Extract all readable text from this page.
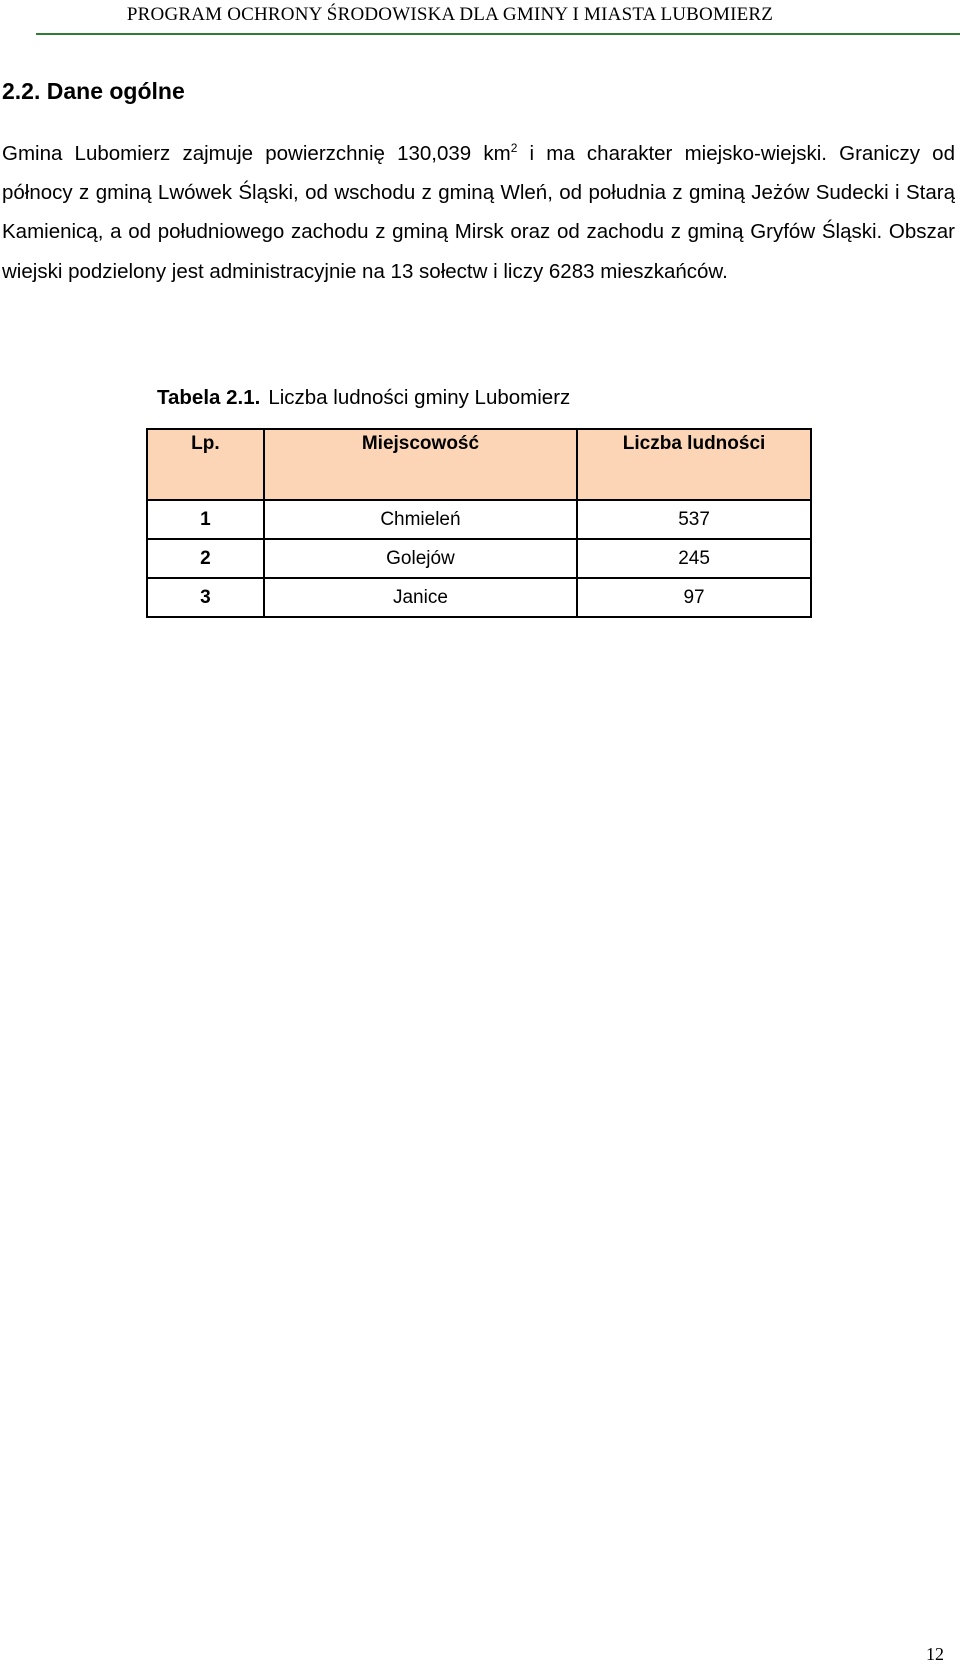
PROGRAM OCHRONY ŚRODOWISKA DLA GMINY I MIASTA LUBOMIERZ
2.2. Dane ogólne

Gmina Lubomierz zajmuje powierzchnię 130,039 $km^2$ i ma charakter miejsko-wiejski. Graniczy od północy z gminą Lwówek Śląski, od wschodu z gminą Wleń, od południa z gminą Jeżów Sudecki i Starą Kamienicą, a od południowego zachodu z gminą Mirsk oraz od zachodu z gminą Gryfów Śląski. Obszar wiejski podzielony jest administracyjnie na 13 sołectw i liczy 6283 mieszkańców.

Tabela 2.1. Liczba ludności gminy Lubomierz
Lp.	Miejscowość	Liczba ludności
1	Chmieleń	537
2	Golejów	245
3	Janice	97
12
